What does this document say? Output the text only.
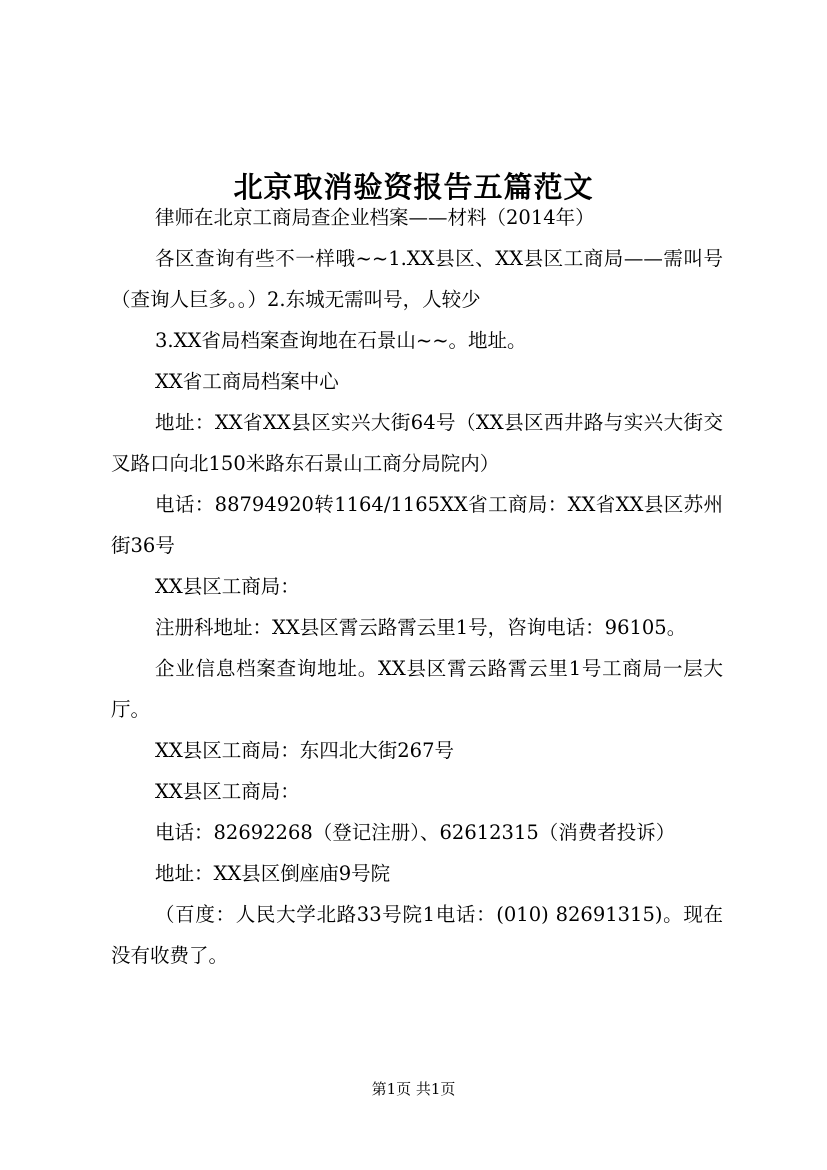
北京取消验资报告五篇范文

律师在北京工商局查企业档案——材料（2014年）

各区查询有些不一样哦~~1.XX县区、XX县区工商局——需叫号（查询人巨多。。）2.东城无需叫号，人较少

3.XX省局档案查询地在石景山~~。地址。

XX省工商局档案中心

地址：XX省XX县区实兴大街64号（XX县区西井路与实兴大街交叉路口向北150米路东石景山工商分局院内）

电话：88794920转1164/1165XX省工商局：XX省XX县区苏州街36号

XX县区工商局：

注册科地址：XX县区霄云路霄云里1号，咨询电话：96105。

企业信息档案查询地址。XX县区霄云路霄云里1号工商局一层大厅。

XX县区工商局：东四北大街267号

XX县区工商局：

电话：82692268（登记注册）、62612315（消费者投诉）

地址：XX县区倒座庙9号院

（百度：人民大学北路33号院1电话：(010) 82691315)。现在没有收费了。

第1页 共1页
